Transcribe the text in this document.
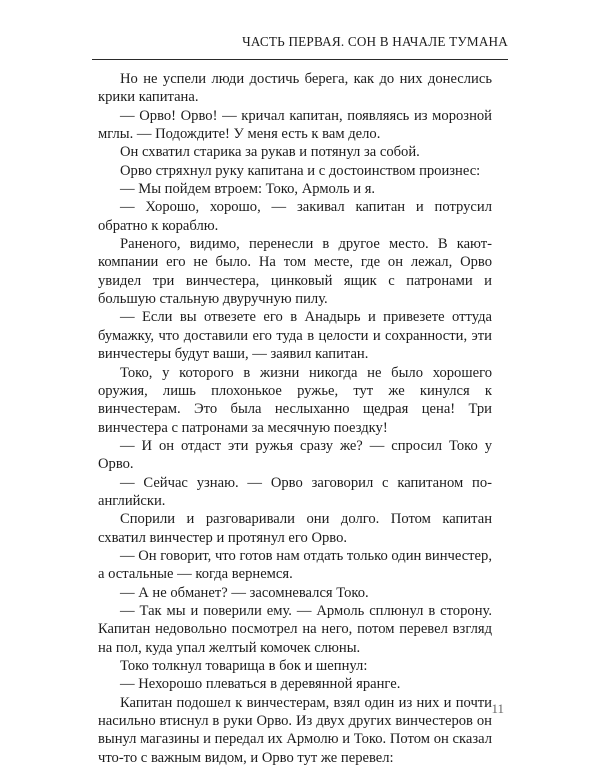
ЧАСТЬ ПЕРВАЯ. СОН В НАЧАЛЕ ТУМАНА

Но не успели люди достичь берега, как до них донеслись крики капитана.

— Орво! Орво! — кричал капитан, появляясь из морозной мглы. — Подождите! У меня есть к вам дело.

Он схватил старика за рукав и потянул за собой.

Орво стряхнул руку капитана и с достоинством произнес:

— Мы пойдем втроем: Токо, Армоль и я.

— Хорошо, хорошо, — закивал капитан и потрусил обратно к кораблю.

Раненого, видимо, перенесли в другое место. В кают-компании его не было. На том месте, где он лежал, Орво увидел три винчестера, цинковый ящик с патронами и большую стальную двуручную пилу.

— Если вы отвезете его в Анадырь и привезете оттуда бумажку, что доставили его туда в целости и сохранности, эти винчестеры будут ваши, — заявил капитан.

Токо, у которого в жизни никогда не было хорошего оружия, лишь плохонькое ружье, тут же кинулся к винчестерам. Это была неслыханно щедрая цена! Три винчестера с патронами за месячную поездку!

— И он отдаст эти ружья сразу же? — спросил Токо у Орво.

— Сейчас узнаю. — Орво заговорил с капитаном по-английски.

Спорили и разговаривали они долго. Потом капитан схватил винчестер и протянул его Орво.

— Он говорит, что готов нам отдать только один винчестер, а остальные — когда вернемся.

— А не обманет? — засомневался Токо.

— Так мы и поверили ему. — Армоль сплюнул в сторону. Капитан недовольно посмотрел на него, потом перевел взгляд на пол, куда упал желтый комочек слюны.

Токо толкнул товарища в бок и шепнул:

— Нехорошо плеваться в деревянной яранге.

Капитан подошел к винчестерам, взял один из них и почти насильно втиснул в руки Орво. Из двух других винчестеров он вынул магазины и передал их Армолю и Токо. Потом он сказал что-то с важным видом, и Орво тут же перевел:

11
